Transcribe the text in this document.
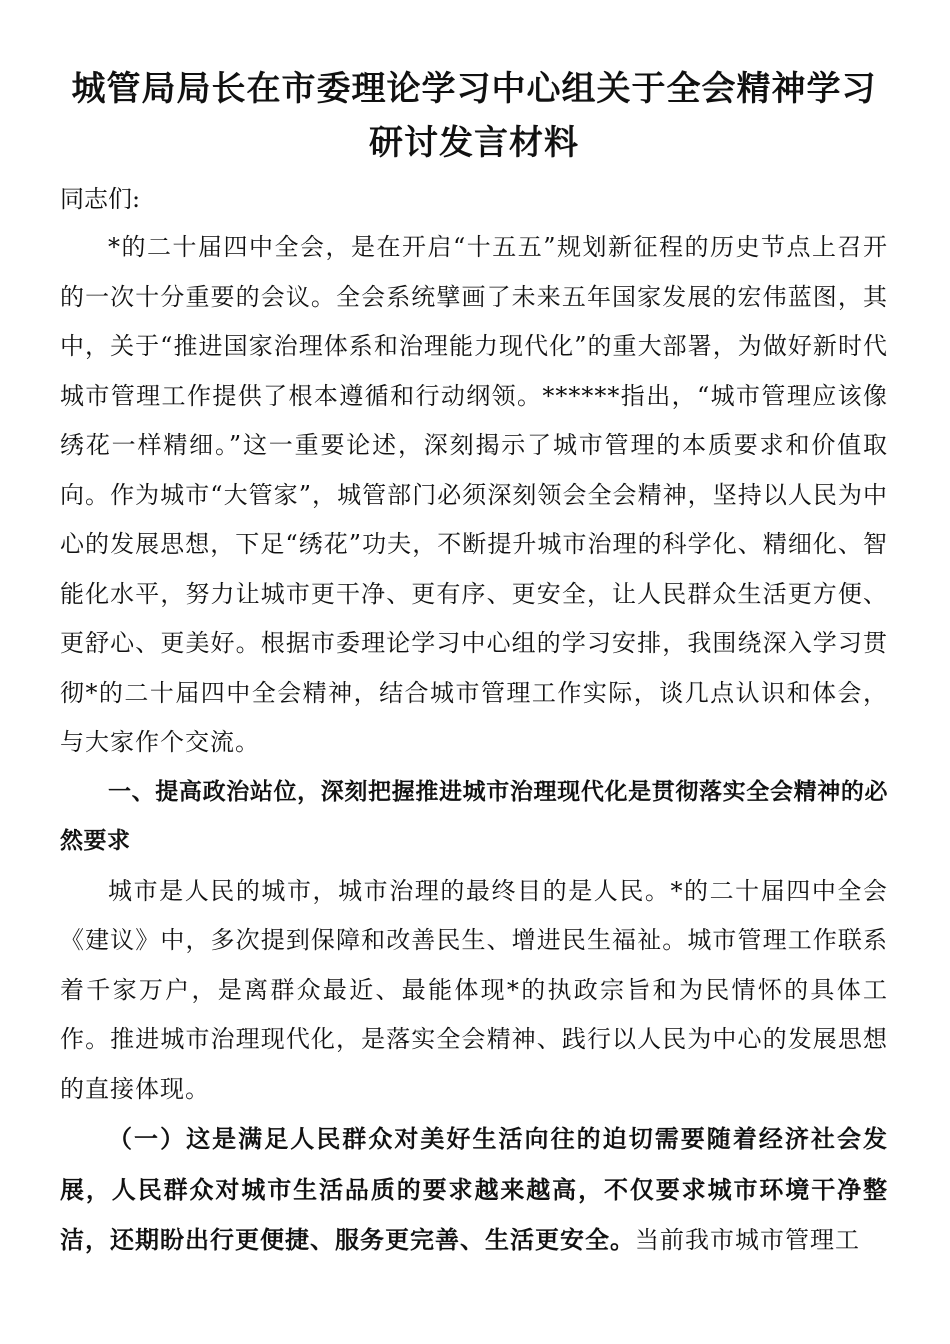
城管局局长在市委理论学习中心组关于全会精神学习研讨发言材料

同志们:

*的二十届四中全会，是在开启“十五五”规划新征程的历史节点上召开的一次十分重要的会议。全会系统擘画了未来五年国家发展的宏伟蓝图，其中，关于“推进国家治理体系和治理能力现代化”的重大部署，为做好新时代城市管理工作提供了根本遵循和行动纲领。******指出，“城市管理应该像绣花一样精细。”这一重要论述，深刻揭示了城市管理的本质要求和价值取向。作为城市“大管家”，城管部门必须深刻领会全会精神，坚持以人民为中心的发展思想，下足“绣花”功夫，不断提升城市治理的科学化、精细化、智能化水平，努力让城市更干净、更有序、更安全，让人民群众生活更方便、更舒心、更美好。根据市委理论学习中心组的学习安排，我围绕深入学习贯彻*的二十届四中全会精神，结合城市管理工作实际，谈几点认识和体会，与大家作个交流。

一、提高政治站位，深刻把握推进城市治理现代化是贯彻落实全会精神的必然要求

城市是人民的城市，城市治理的最终目的是人民。*的二十届四中全会《建议》中，多次提到保障和改善民生、增进民生福祉。城市管理工作联系着千家万户，是离群众最近、最能体现*的执政宗旨和为民情怀的具体工作。推进城市治理现代化，是落实全会精神、践行以人民为中心的发展思想的直接体现。

（一）这是满足人民群众对美好生活向往的迫切需要随着经济社会发展，人民群众对城市生活品质的要求越来越高，不仅要求城市环境干净整洁，还期盼出行更便捷、服务更完善、生活更安全。当前我市城市管理工
